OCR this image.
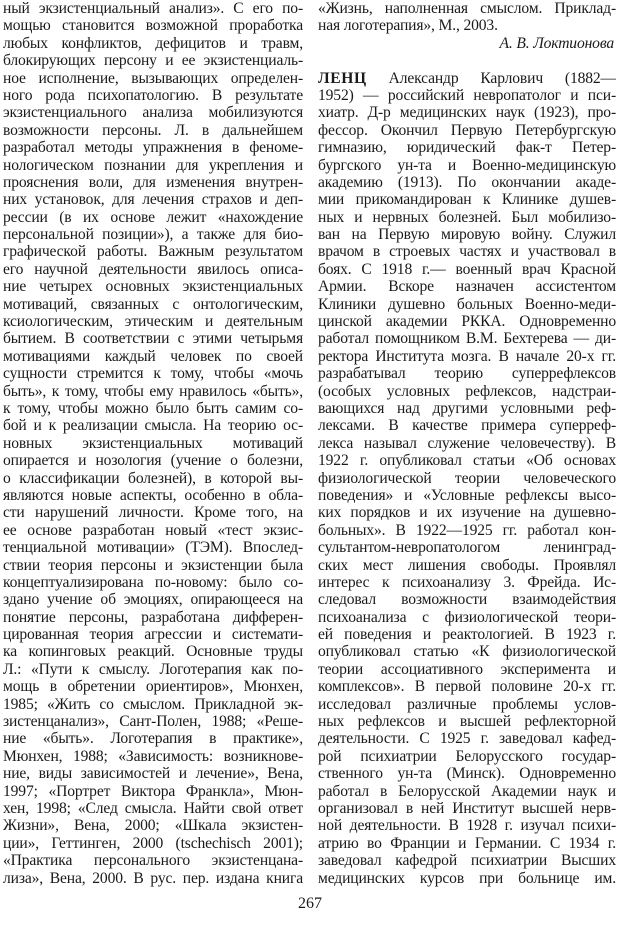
ный экзистенциальный анализ». С его по-
мощью становится возможной проработка
любых конфликтов, дефицитов и травм,
блокирующих персону и ее экзистенциаль-
ное исполнение, вызывающих определен-
ного рода психопатологию. В результате
экзистенциального анализа мобилизуются
возможности персоны. Л. в дальнейшем
разработал методы упражнения в феноме-
нологическом познании для укрепления и
прояснения воли, для изменения внутрен-
них установок, для лечения страхов и деп-
рессии (в их основе лежит «нахождение
персональной позиции»), а также для био-
графической работы. Важным результатом
его научной деятельности явилось описа-
ние четырех основных экзистенциальных
мотиваций, связанных с онтологическим,
ксиологическим, этическим и деятельным
бытием. В соответствии с этими четырьмя
мотивациями каждый человек по своей
сущности стремится к тому, чтобы «мочь
быть», к тому, чтобы ему нравилось «быть»,
к тому, чтобы можно было быть самим со-
бой и к реализации смысла. На теорию ос-
новных экзистенциальных мотиваций
опирается и нозология (учение о болезни,
о классификации болезней), в которой вы-
являются новые аспекты, особенно в обла-
сти нарушений личности. Кроме того, на
ее основе разработан новый «тест экзис-
тенциальной мотивации» (ТЭМ). Впослед-
ствии теория персоны и экзистенции была
концептуализирована по-новому: было со-
здано учение об эмоциях, опирающееся на
понятие персоны, разработана дифферен-
цированная теория агрессии и системати-
ка копинговых реакций. Основные труды
Л.: «Пути к смыслу. Логотерапия как по-
мощь в обретении ориентиров», Мюнхен,
1985; «Жить со смыслом. Прикладной эк-
зистенцанализ», Сант-Полен, 1988; «Реше-
ние «быть». Логотерапия в практике»,
Мюнхен, 1988; «Зависимость: возникнове-
ние, виды зависимостей и лечение», Вена,
1997; «Портрет Виктора Франкла», Мюн-
хен, 1998; «След смысла. Найти свой ответ
Жизни», Вена, 2000; «Шкала экзистен-
ции», Геттинген, 2000 (tschechisch 2001);
«Практика персонального экзистенцана-
лиза», Вена, 2000. В рус. пер. издана книга
«Жизнь, наполненная смыслом. Приклад-
ная логотерапия», М., 2003.
А. В. Локтионова
ЛЕНЦ Александр Карлович (1882—
1952) — российский невропатолог и пси-
хиатр. Д-р медицинских наук (1923), про-
фессор. Окончил Первую Петербургскую
гимназию, юридический фак-т Петер-
бургского ун-та и Военно-медицинскую
академию (1913). По окончании акаде-
мии прикомандирован к Клинике душев-
ных и нервных болезней. Был мобилизо-
ван на Первую мировую войну. Служил
врачом в строевых частях и участвовал в
боях. С 1918 г.— военный врач Красной
Армии. Вскоре назначен ассистентом
Клиники душевно больных Военно-меди-
цинской академии РККА. Одновременно
работал помощником В.М. Бехтерева — ди-
ректора Института мозга. В начале 20-х гг.
разрабатывал теорию суперрефлексов
(особых условных рефлексов, надстраи-
вающихся над другими условными реф-
лексами. В качестве примера суперреф-
лекса называл служение человечеству). В
1922 г. опубликовал статьи «Об основах
физиологической теории человеческого
поведения» и «Условные рефлексы высо-
ких порядков и их изучение на душевно-
больных». В 1922—1925 гг. работал кон-
сультантом-невропатологом ленинград-
ских мест лишения свободы. Проявлял
интерес к психоанализу 3. Фрейда. Ис-
следовал возможности взаимодействия
психоанализа с физиологической теори-
ей поведения и реактологией. В 1923 г.
опубликовал статью «К физиологической
теории ассоциативного эксперимента и
комплексов». В первой половине 20-х гг.
исследовал различные проблемы услов-
ных рефлексов и высшей рефлекторной
деятельности. С 1925 г. заведовал кафед-
рой психиатрии Белорусского государ-
ственного ун-та (Минск). Одновременно
работал в Белорусской Академии наук и
организовал в ней Институт высшей нерв-
ной деятельности. В 1928 г. изучал психи-
атрию во Франции и Германии. С 1934 г.
заведовал кафедрой психиатрии Высших
медицинских курсов при больнице им.
267
